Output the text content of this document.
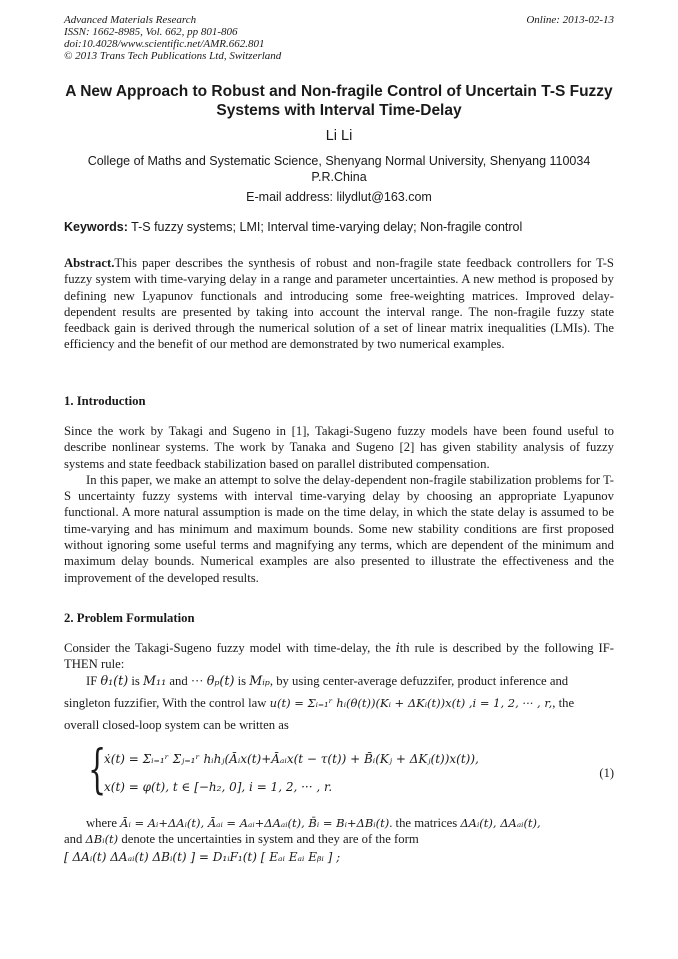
Advanced Materials Research
ISSN: 1662-8985, Vol. 662, pp 801-806
doi:10.4028/www.scientific.net/AMR.662.801
© 2013 Trans Tech Publications Ltd, Switzerland
Online: 2013-02-13
A New Approach to Robust and Non-fragile Control of Uncertain T-S Fuzzy Systems with Interval Time-Delay
Li Li
College of Maths and Systematic Science, Shenyang Normal University, Shenyang 110034
P.R.China
E-mail address: lilydlut@163.com
Keywords: T-S fuzzy systems; LMI; Interval time-varying delay; Non-fragile control
Abstract.This paper describes the synthesis of robust and non-fragile state feedback controllers for T-S fuzzy system with time-varying delay in a range and parameter uncertainties. A new method is proposed by defining new Lyapunov functionals and introducing some free-weighting matrices. Improved delay-dependent results are presented by taking into account the interval range. The non-fragile fuzzy state feedback gain is derived through the numerical solution of a set of linear matrix inequalities (LMIs). The efficiency and the benefit of our method are demonstrated by two numerical examples.
1. Introduction
Since the work by Takagi and Sugeno in [1], Takagi-Sugeno fuzzy models have been found useful to describe nonlinear systems. The work by Tanaka and Sugeno [2] has given stability analysis of fuzzy systems and state feedback stabilization based on parallel distributed compensation.
In this paper, we make an attempt to solve the delay-dependent non-fragile stabilization problems for T-S uncertainty fuzzy systems with interval time-varying delay by choosing an appropriate Lyapunov functional. A more natural assumption is made on the time delay, in which the state delay is assumed to be time-varying and has minimum and maximum bounds. Some new stability conditions are first proposed without ignoring some useful terms and magnifying any terms, which are dependent of the minimum and maximum delay bounds. Numerical examples are also presented to illustrate the effectiveness and the improvement of the developed results.
2. Problem Formulation
Consider the Takagi-Sugeno fuzzy model with time-delay, the ith rule is described by the following IF-THEN rule:
IF θ₁(t) is M₁₁ and ··· θₚ(t) is Mᵢₚ, by using center-average defuzzifer, product inference and
singleton fuzzifier, With the control law u(t) = Σᵢ₌₁ʳ hᵢ(θ(t))(Kᵢ + ΔKᵢ(t))x(t) ,i = 1, 2, ··· , r,, the
overall closed-loop system can be written as
{
ẋ(t) = Σᵢ₌₁ʳ Σⱼ₌₁ʳ hᵢhⱼ(Āᵢx(t)+Āₐᵢx(t − τ(t)) + B̄ᵢ(Kⱼ + ΔKⱼ(t))x(t)),
x(t) = φ(t), t ∈ [−h₂, 0], i = 1, 2, ··· , r.
(1)
where Āᵢ = Aᵢ+ΔAᵢ(t), Āₐᵢ = Aₐᵢ+ΔAₐᵢ(t), B̄ᵢ = Bᵢ+ΔBᵢ(t). the matrices ΔAᵢ(t), ΔAₐᵢ(t),
and ΔBᵢ(t) denote the uncertainties in system and they are of the form
[ ΔAᵢ(t) ΔAₐᵢ(t) ΔBᵢ(t) ] = D₁ᵢF₁(t) [ Eₐᵢ Eₐᵢ Eᵦᵢ ] ;
